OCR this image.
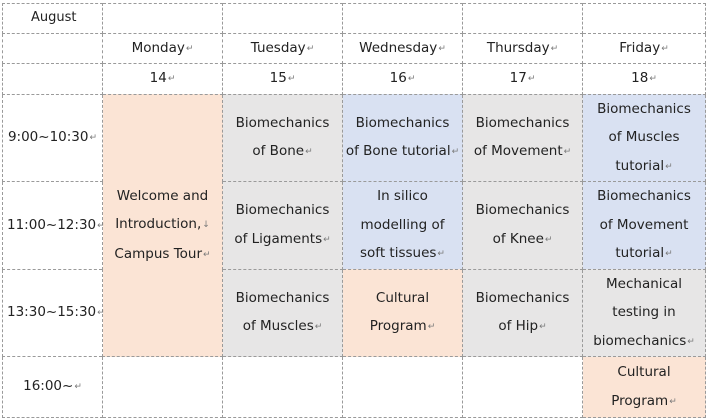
August					
	Monday↵	Tuesday↵	Wednesday↵	Thursday↵	Friday↵
	14↵	15↵	16↵	17↵	18↵
9:00~10:30↵	Welcome and
Introduction,↓
Campus Tour↵	Biomechanics
of Bone↵	Biomechanics
of Bone tutorial↵	Biomechanics
of Movement↵	Biomechanics
of Muscles
tutorial↵

11:00~12:30↵		Biomechanics
of Ligaments↵	In silico
modelling of
soft tissues↵	Biomechanics
of Knee↵	Biomechanics
of Movement
tutorial↵

13:30~15:30↵		Biomechanics
of Muscles↵	Cultural
Program↵	Biomechanics
of Hip↵	Mechanical
testing in
biomechanics↵

16:00~↵					Cultural
Program↵
